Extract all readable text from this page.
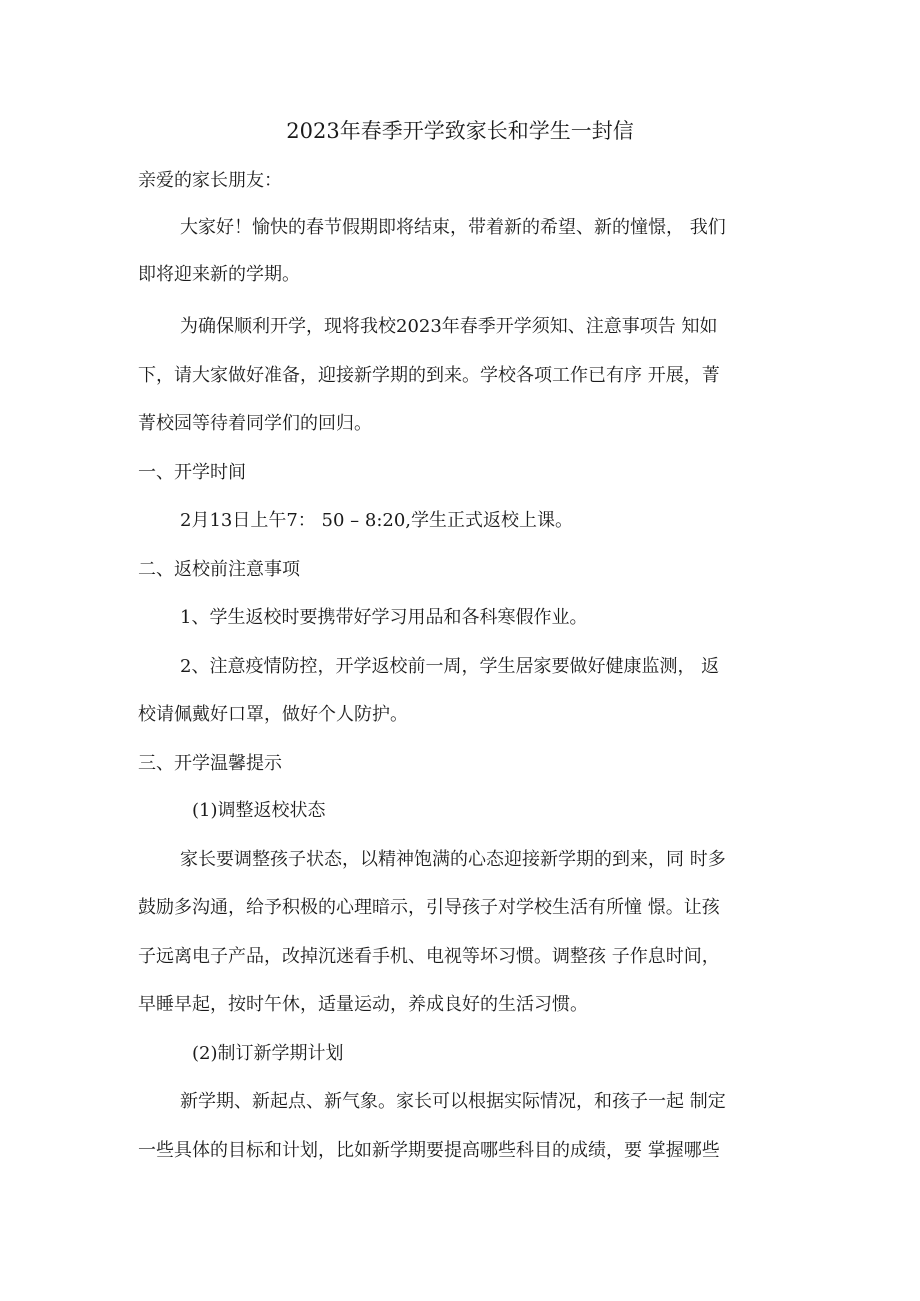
2023年春季开学致家长和学生一封信
亲爱的家长朋友：
大家好！愉快的春节假期即将结束，带着新的希望、新的憧憬， 我们
即将迎来新的学期。
为确保顺利开学，现将我校2023年春季开学须知、注意事项告 知如
下，请大家做好准备，迎接新学期的到来。学校各项工作已有序 开展，菁
菁校园等待着同学们的回归。
一、开学时间
2月13日上午7： 50 – 8:20,学生正式返校上课。
二、返校前注意事项
1、学生返校时要携带好学习用品和各科寒假作业。
2、注意疫情防控，开学返校前一周，学生居家要做好健康监测， 返
校请佩戴好口罩，做好个人防护。
三、开学温馨提示
(1)调整返校状态
家长要调整孩子状态，以精神饱满的心态迎接新学期的到来，同 时多
鼓励多沟通，给予积极的心理暗示，引导孩子对学校生活有所憧 憬。让孩
子远离电子产品，改掉沉迷看手机、电视等坏习惯。调整孩 子作息时间，
早睡早起，按时午休，适量运动，养成良好的生活习惯。
(2)制订新学期计划
新学期、新起点、新气象。家长可以根据实际情况，和孩子一起 制定
一些具体的目标和计划，比如新学期要提高哪些科目的成绩，要 掌握哪些
